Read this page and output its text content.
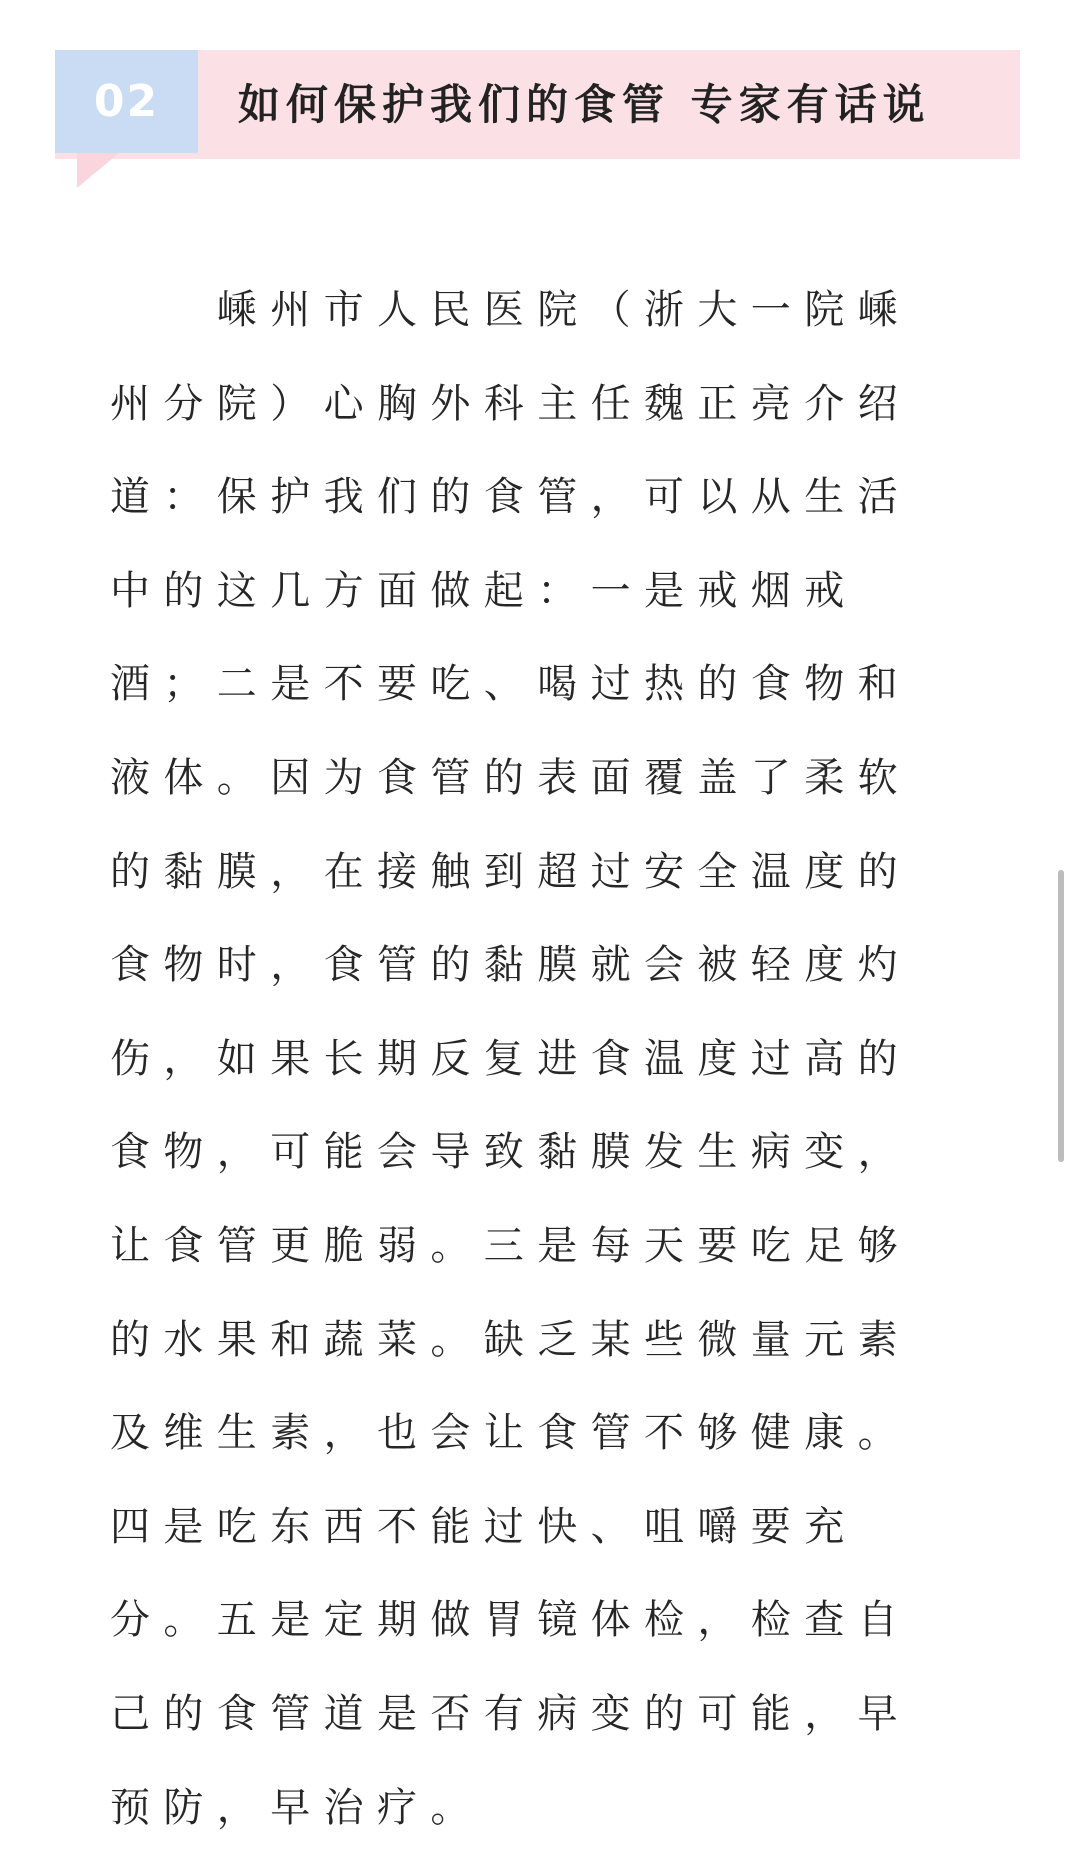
02 如何保护我们的食管 专家有话说

嵊州市人民医院（浙大一院嵊州分院）心胸外科主任魏正亮介绍道：保护我们的食管，可以从生活中的这几方面做起：一是戒烟戒酒；二是不要吃、喝过热的食物和液体。因为食管的表面覆盖了柔软的黏膜，在接触到超过安全温度的食物时，食管的黏膜就会被轻度灼伤，如果长期反复进食温度过高的食物，可能会导致黏膜发生病变，让食管更脆弱。三是每天要吃足够的水果和蔬菜。缺乏某些微量元素及维生素，也会让食管不够健康。四是吃东西不能过快、咀嚼要充分。五是定期做胃镜体检，检查自己的食管道是否有病变的可能，早预防，早治疗。
